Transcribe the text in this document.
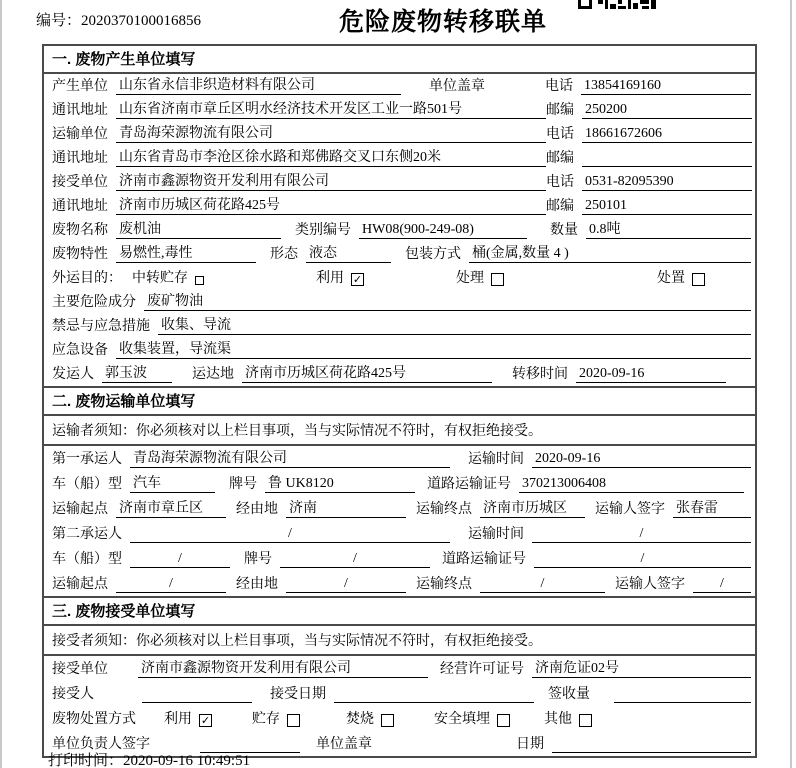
编号：2020370100016856	危险废物转移联单
一. 废物产生单位填写
产生单位 山东省永信非织造材料有限公司	单位盖章	电话 13854169160
通讯地址 山东省济南市章丘区明水经济技术开发区工业一路501号	邮编 250200
运输单位 青岛海荣源物流有限公司	电话 18661672606
通讯地址 山东省青岛市李沧区徐水路和郑佛路交叉口东侧20米	邮编
接受单位 济南市鑫源物资开发利用有限公司	电话 0531-82095390
通讯地址 济南市历城区荷花路425号	邮编 250101
废物名称 废机油	类别编号 HW08(900-249-08)	数量 0.8吨
废物特性 易燃性,毒性	形态 液态	包装方式 桶(金属,数量 4 )
外运目的： 中转贮存	利用 ✓	处理	处置
主要危险成分 废矿物油
禁忌与应急措施 收集、导流
应急设备 收集装置，导流渠
发运人 郭玉波	运达地 济南市历城区荷花路425号	转移时间 2020-09-16
二. 废物运输单位填写
运输者须知：你必须核对以上栏目事项，当与实际情况不符时，有权拒绝接受。
第一承运人 青岛海荣源物流有限公司	运输时间 2020-09-16
车（船）型 汽车	牌号 鲁 UK8120	道路运输证号 370213006408
运输起点 济南市章丘区	经由地 济南	运输终点 济南市历城区	运输人签字 张春雷
第二承运人	/	运输时间	/
车（船）型	/	牌号	/	道路运输证号	/
运输起点	/	经由地	/	运输终点	/	运输人签字	/
三. 废物接受单位填写
接受者须知：你必须核对以上栏目事项，当与实际情况不符时，有权拒绝接受。
接受单位 济南市鑫源物资开发利用有限公司	经营许可证号 济南危证02号
接受人	接受日期	签收量
废物处置方式 利用 ✓	贮存	焚烧	安全填埋	其他
单位负责人签字	单位盖章	日期
打印时间：2020-09-16 10:49:51
